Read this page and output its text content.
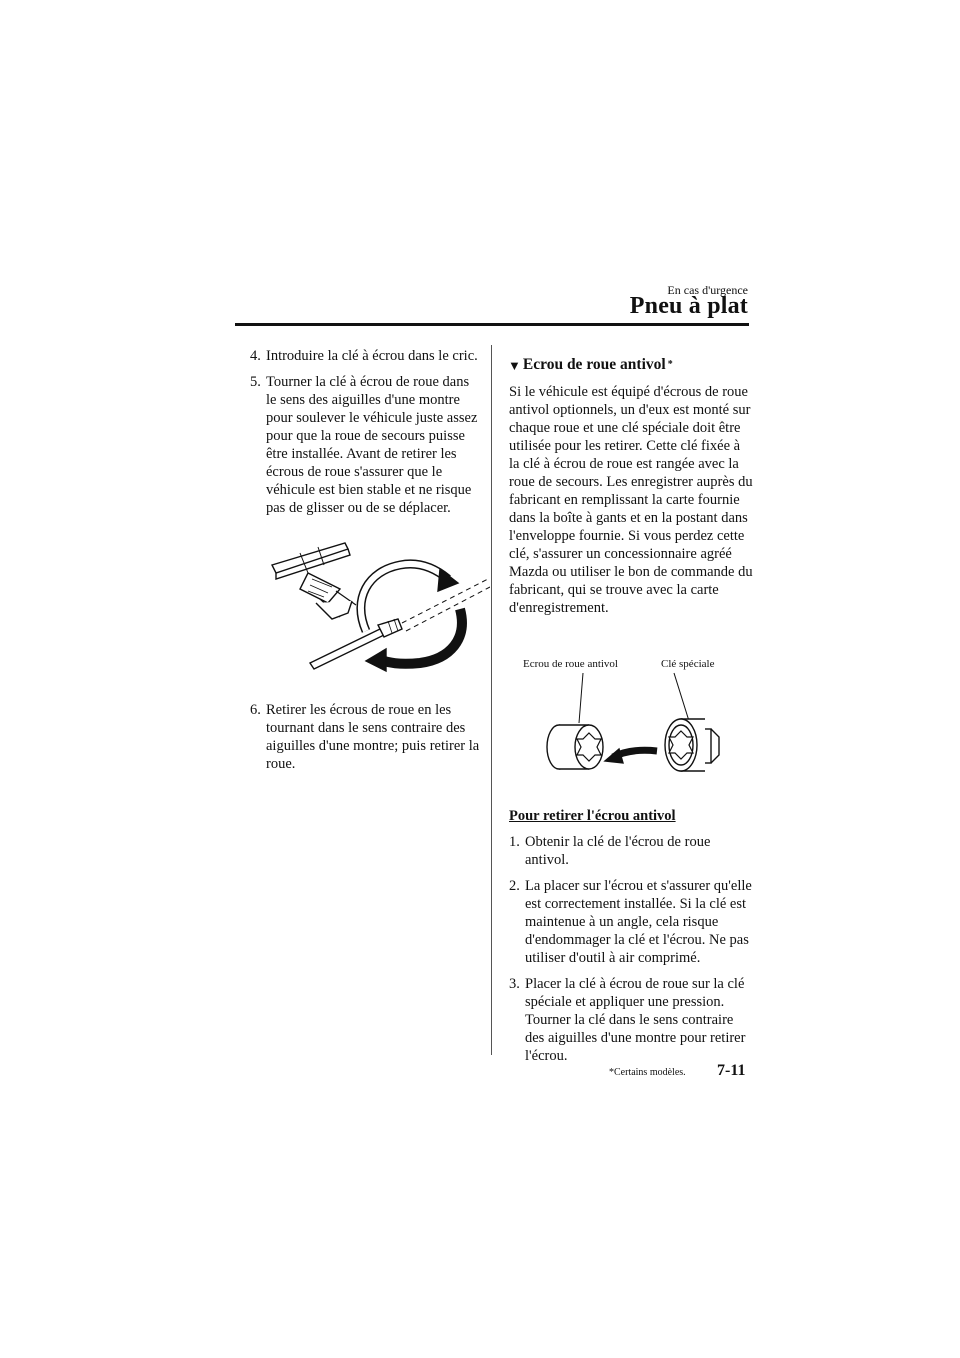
En cas d'urgence
Pneu à plat
4. Introduire la clé à écrou dans le cric.
5. Tourner la clé à écrou de roue dans le sens des aiguilles d'une montre pour soulever le véhicule juste assez pour que la roue de secours puisse être installée. Avant de retirer les écrous de roue s'assurer que le véhicule est bien stable et ne risque pas de glisser ou de se déplacer.
6. Retirer les écrous de roue en les tournant dans le sens contraire des aiguilles d'une montre; puis retirer la roue.
▼ Ecrou de roue antivol *

Si le véhicule est équipé d'écrous de roue antivol optionnels, un d'eux est monté sur chaque roue et une clé spéciale doit être utilisée pour les retirer. Cette clé fixée à la clé à écrou de roue est rangée avec la roue de secours. Les enregistrer auprès du fabricant en remplissant la carte fournie dans la boîte à gants et en la postant dans l'enveloppe fournie. Si vous perdez cette clé, s'assurer un concessionnaire agréé Mazda ou utiliser le bon de commande du fabricant, qui se trouve avec la carte d'enregistrement.

Ecrou de roue antivol	Clé spéciale
Pour retirer l'écrou antivol
1. Obtenir la clé de l'écrou de roue antivol.
2. La placer sur l'écrou et s'assurer qu'elle est correctement installée. Si la clé est maintenue à un angle, cela risque d'endommager la clé et l'écrou. Ne pas utiliser d'outil à air comprimé.
3. Placer la clé à écrou de roue sur la clé spéciale et appliquer une pression. Tourner la clé dans le sens contraire des aiguilles d'une montre pour retirer l'écrou.
*Certains modèles. 7-11
